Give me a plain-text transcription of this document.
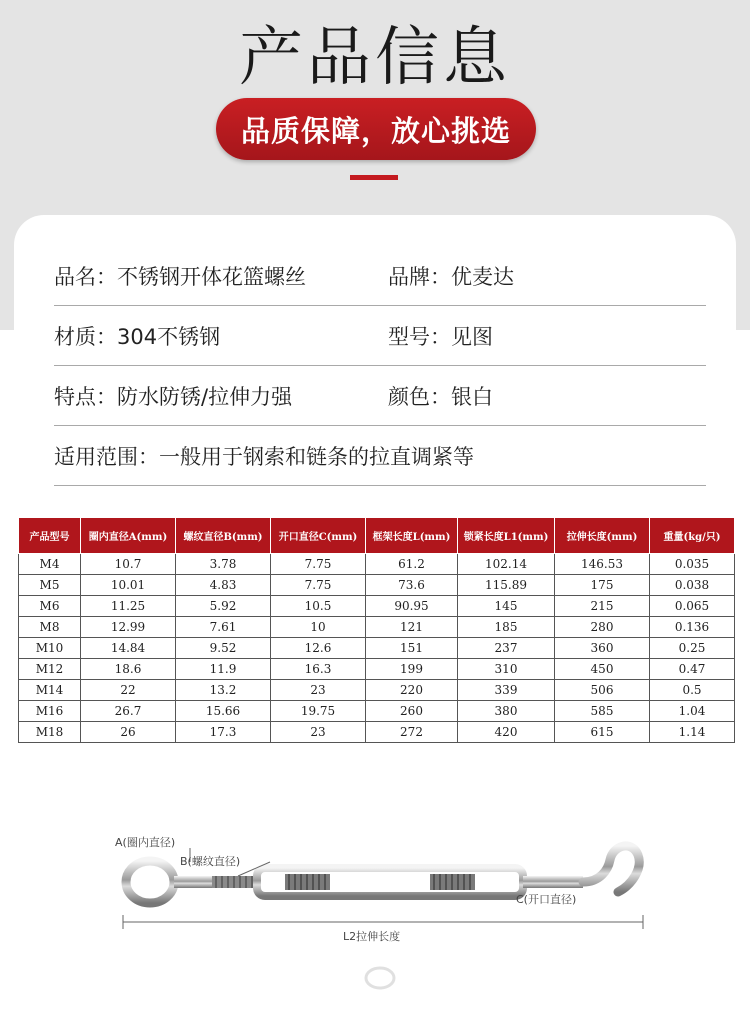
产品信息
品质保障，放心挑选
品名：不锈钢开体花篮螺丝	品牌：优麦达
材质：304不锈钢	型号：见图
特点：防水防锈/拉伸力强	颜色：银白
适用范围：一般用于钢索和链条的拉直调紧等
产品型号	圈内直径A(mm)	螺纹直径B(mm)	开口直径C(mm)	框架长度L(mm)	锁紧长度L1(mm)	拉伸长度(mm)	重量(kg/只)
M4	10.7	3.78	7.75	61.2	102.14	146.53	0.035
M5	10.01	4.83	7.75	73.6	115.89	175	0.038
M6	11.25	5.92	10.5	90.95	145	215	0.065
M8	12.99	7.61	10	121	185	280	0.136
M10	14.84	9.52	12.6	151	237	360	0.25
M12	18.6	11.9	16.3	199	310	450	0.47
M14	22	13.2	23	220	339	506	0.5
M16	26.7	15.66	19.75	260	380	585	1.04
M18	26	17.3	23	272	420	615	1.14
A(圈内直径)
B(螺纹直径)
C(开口直径)
L2拉伸长度
